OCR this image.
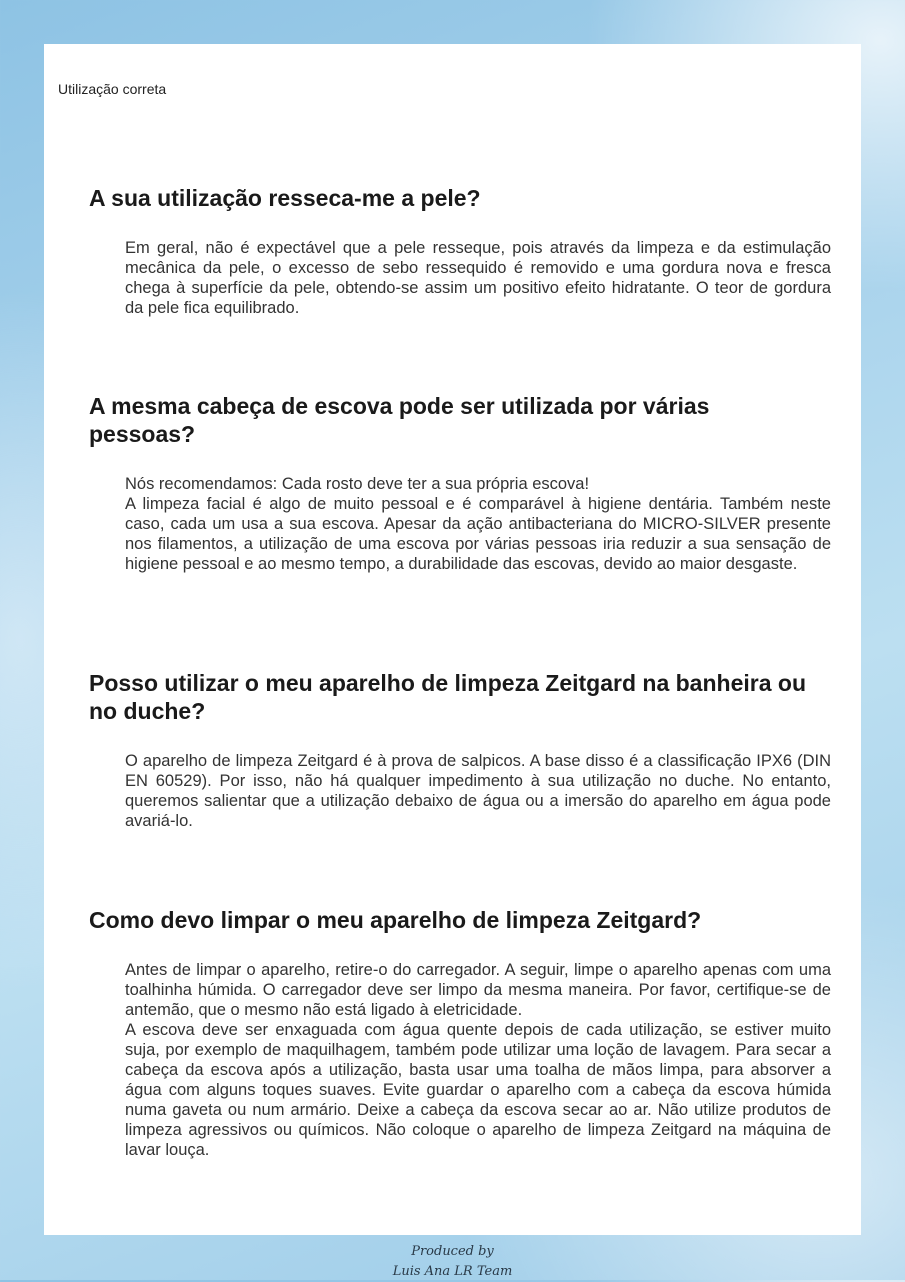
Utilização correta
A sua utilização resseca-me a pele?

Em geral, não é expectável que a pele resseque, pois através da limpeza e da estimulação mecânica da pele, o excesso de sebo ressequido é removido e uma gordura nova e fresca chega à superfície da pele, obtendo-se assim um positivo efeito hidratante. O teor de gordura da pele fica equilibrado.

A mesma cabeça de escova pode ser utilizada por várias pessoas?

Nós recomendamos: Cada rosto deve ter a sua própria escova!

A limpeza facial é algo de muito pessoal e é comparável à higiene dentária. Também neste caso, cada um usa a sua escova. Apesar da ação antibacteriana do MICRO-SILVER presente nos filamentos, a utilização de uma escova por várias pessoas iria reduzir a sua sensação de higiene pessoal e ao mesmo tempo, a durabilidade das escovas, devido ao maior desgaste.

Posso utilizar o meu aparelho de limpeza Zeitgard na banheira ou no duche?

O aparelho de limpeza Zeitgard é à prova de salpicos. A base disso é a classificação IPX6 (DIN EN 60529). Por isso, não há qualquer impedimento à sua utilização no duche. No entanto, queremos salientar que a utilização debaixo de água ou a imersão do aparelho em água pode avariá-lo.

Como devo limpar o meu aparelho de limpeza Zeitgard?

Antes de limpar o aparelho, retire-o do carregador. A seguir, limpe o aparelho apenas com uma toalhinha húmida. O carregador deve ser limpo da mesma maneira. Por favor, certifique-se de antemão, que o mesmo não está ligado à eletricidade.

A escova deve ser enxaguada com água quente depois de cada utilização, se estiver muito suja, por exemplo de maquilhagem, também pode utilizar uma loção de lavagem. Para secar a cabeça da escova após a utilização, basta usar uma toalha de mãos limpa, para absorver a água com alguns toques suaves. Evite guardar o aparelho com a cabeça da escova húmida numa gaveta ou num armário. Deixe a cabeça da escova secar ao ar. Não utilize produtos de limpeza agressivos ou químicos. Não coloque o aparelho de limpeza Zeitgard na máquina de lavar louça.

Produced by
Luis Ana LR Team
